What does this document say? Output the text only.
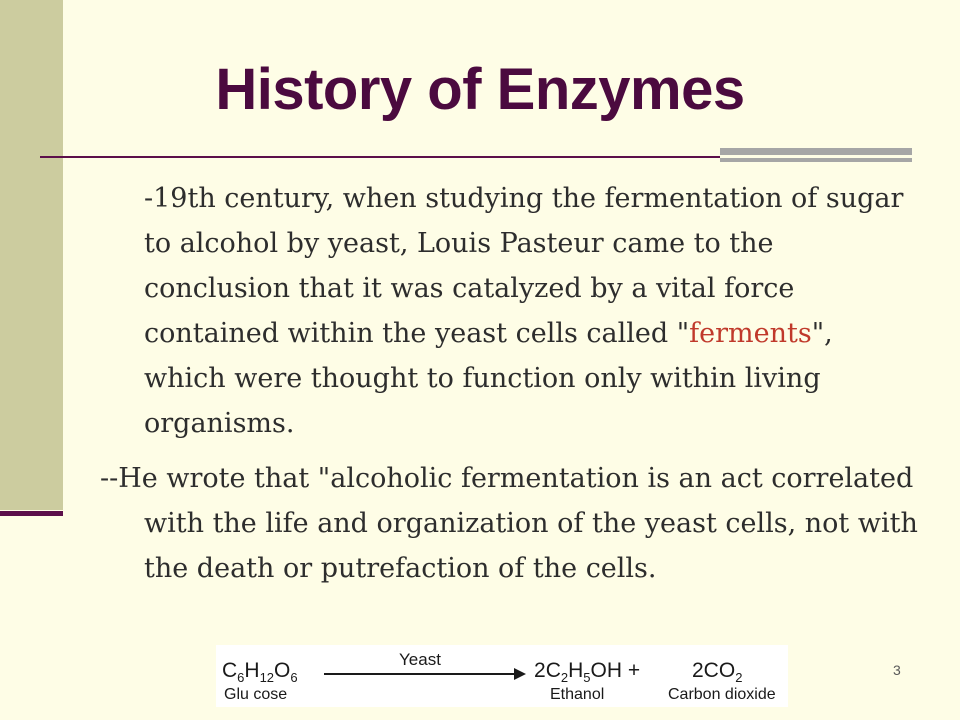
History of Enzymes

-19th century, when studying the fermentation of sugar to alcohol by yeast, Louis Pasteur came to the conclusion that it was catalyzed by a vital force contained within the yeast cells called "ferments", which were thought to function only within living organisms.

--He wrote that "alcoholic fermentation is an act correlated with the life and organization of the yeast cells, not with the death or putrefaction of the cells.

$C_6H_{12}O_6$
Glu cose
Yeast	$2C_2H_5OH$ +
Ethanol
$2CO_2$
Carbon dioxide
3
